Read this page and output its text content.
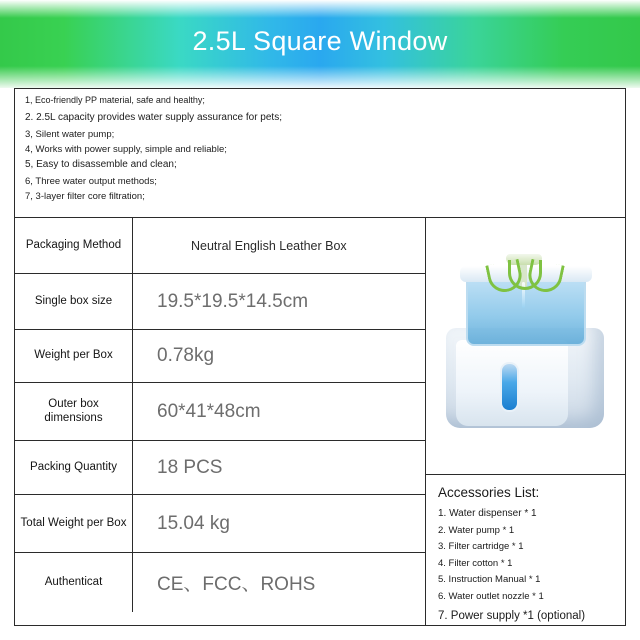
2.5L Square Window
1, Eco-friendly PP material, safe and healthy;
2. 2.5L capacity provides water supply assurance for pets;
3, Silent water pump;
4, Works with power supply, simple and reliable;
5, Easy to disassemble and clean;
6, Three water output methods;
7, 3-layer filter core filtration;
Packaging Method	Neutral English Leather Box
Single box size	19.5*19.5*14.5cm
Weight per Box	0.78kg
Outer box dimensions	60*41*48cm
Packing Quantity	18 PCS
Total Weight per Box	15.04 kg
Authenticat	CE、FCC、ROHS
Accessories List:
1. Water dispenser * 1
2. Water pump * 1
3. Filter cartridge * 1
4. Filter cotton * 1
5. Instruction Manual * 1
6. Water outlet nozzle * 1
7. Power supply *1 (optional)
